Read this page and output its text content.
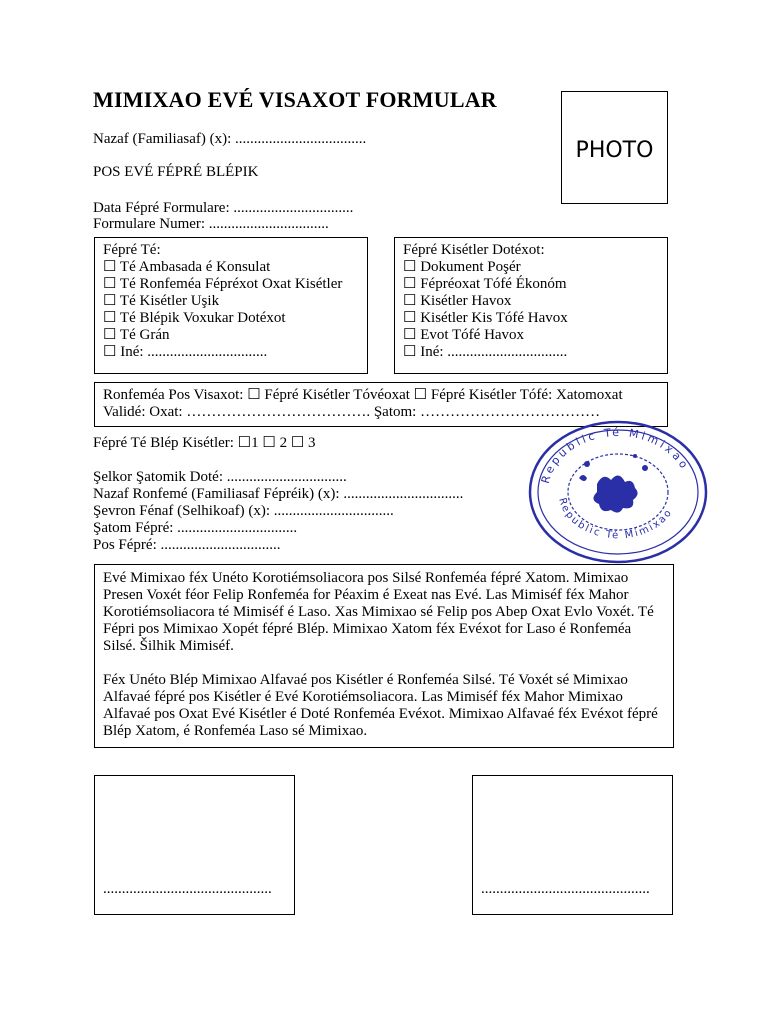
MIMIXAO EVÉ VISAXOT FORMULAR
PHOTO
Nazaf (Familiasaf) (x): ...................................
POS EVÉ FÉPRÉ BLÉPIK
Data Fépré Formulare: ................................
Formulare Numer: ................................
Fépré Té:
☐ Té Ambasada é Konsulat
☐ Té Ronfeméa Fépréxot Oxat Kisétler
☐ Té Kisétler Uşik
☐ Té Blépik Voxukar Dotéxot
☐ Té Grán
☐ Iné: ................................
Fépré Kisétler Dotéxot:
☐ Dokument Poşér
☐ Fépréoxat Tófé Ékonóm
☐ Kisétler Havox
☐ Kisétler Kis Tófé Havox
☐ Evot Tófé Havox
☐ Iné: ................................
Ronfeméa Pos Visaxot: ☐ Fépré Kisétler Tóvéoxat ☐ Fépré Kisétler Tófé: Xatomoxat
Validé: Oxat: ………………………………. Şatom: ………………………………
Fépré Té Blép Kisétler: ☐1 ☐ 2 ☐ 3
Şelkor Şatomik Doté: ................................
Nazaf Ronfemé (Familiasaf Fépréik) (x): ................................
Şevron Fénaf (Selhikoaf) (x): ................................
Şatom Fépré: ................................
Pos Fépré: ................................
Republic Té Mimixao
Republic Té Mimixao

Evé Mimixao féx Unéto Korotiémsoliacora pos Silsé Ronfeméa fépré Xatom. Mimixao Presen Voxét féor Felip Ronfeméa for Péaxim é Exeat nas Evé. Las Mimiséf féx Mahor Korotiémsoliacora té Mimiséf é Laso. Xas Mimixao sé Felip pos Abep Oxat Evlo Voxét. Té Fépri pos Mimixao Xopét fépré Blép. Mimixao Xatom féx Evéxot for Laso é Ronfeméa Silsé. Šilhik Mimiséf.

Féx Unéto Blép Mimixao Alfavaé pos Kisétler é Ronfeméa Silsé. Té Voxét sé Mimixao Alfavaé fépré pos Kisétler é Evé Korotiémsoliacora. Las Mimiséf féx Mahor Mimixao Alfavaé pos Oxat Evé Kisétler é Doté Ronfeméa Evéxot. Mimixao Alfavaé féx Evéxot fépré Blép Xatom, é Ronfeméa Laso sé Mimixao.

.............................................	.............................................
